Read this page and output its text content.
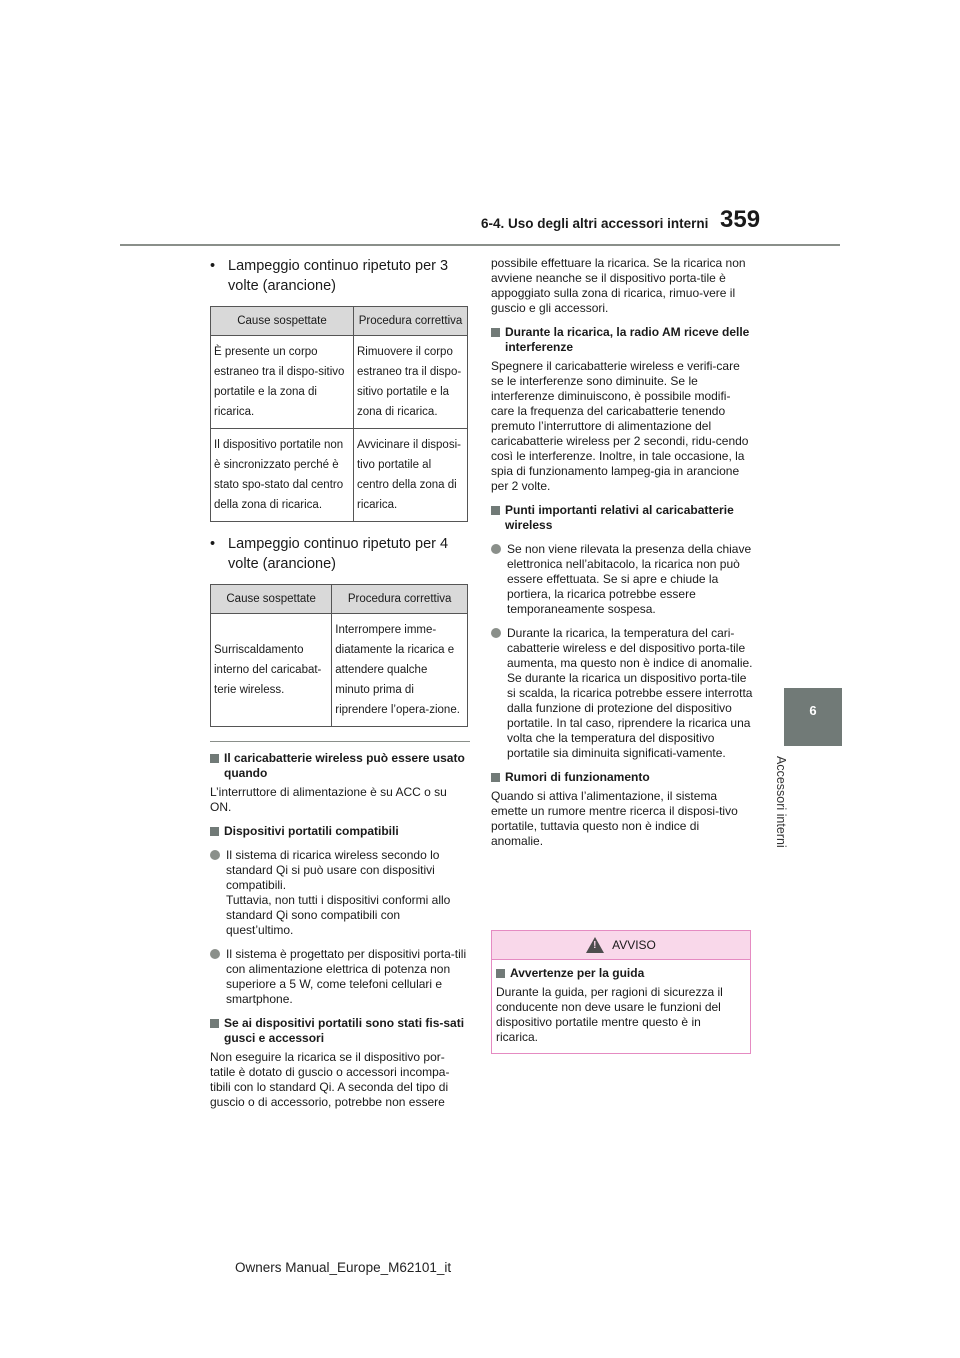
6-4. Uso degli altri accessori interni 359
6
Accessori interni
• Lampeggio continuo ripetuto per 3 volte (arancione)
Cause sospettate	Procedura correttiva
È presente un corpo estraneo tra il dispo-sitivo portatile e la zona di ricarica.	Rimuovere il corpo estraneo tra il dispo-sitivo portatile e la zona di ricarica.
Il dispositivo portatile non è sincronizzato perché è stato spo-stato dal centro della zona di ricarica.	Avvicinare il disposi-tivo portatile al centro della zona di ricarica.
• Lampeggio continuo ripetuto per 4 volte (arancione)
Cause sospettate	Procedura correttiva
Surriscaldamento interno del caricabat-terie wireless.	Interrompere imme-diatamente la ricarica e attendere qualche minuto prima di riprendere l’opera-zione.
Il caricabatterie wireless può essere usato quando
L’interruttore di alimentazione è su ACC o su ON.
Dispositivi portatili compatibili
Il sistema di ricarica wireless secondo lo standard Qi si può usare con dispositivi compatibili.
Tuttavia, non tutti i dispositivi conformi allo standard Qi sono compatibili con quest’ultimo.
Il sistema è progettato per dispositivi porta-tili con alimentazione elettrica di potenza non superiore a 5 W, come telefoni cellulari e smartphone.
Se ai dispositivi portatili sono stati fis-sati gusci e accessori
Non eseguire la ricarica se il dispositivo por-tatile è dotato di guscio o accessori incompa-tibili con lo standard Qi. A seconda del tipo di guscio o di accessorio, potrebbe non essere
possibile effettuare la ricarica. Se la ricarica non avviene neanche se il dispositivo porta-tile è appoggiato sulla zona di ricarica, rimuo-vere il guscio e gli accessori.
Durante la ricarica, la radio AM riceve delle interferenze
Spegnere il caricabatterie wireless e verifi-care se le interferenze sono diminuite. Se le interferenze diminuiscono, è possibile modifi-care la frequenza del caricabatterie tenendo premuto l’interruttore di alimentazione del caricabatterie wireless per 2 secondi, ridu-cendo così le interferenze. Inoltre, in tale occasione, la spia di funzionamento lampeg-gia in arancione per 2 volte.
Punti importanti relativi al caricabatterie wireless
Se non viene rilevata la presenza della chiave elettronica nell’abitacolo, la ricarica non può essere effettuata. Se si apre e chiude la portiera, la ricarica potrebbe essere temporaneamente sospesa.
Durante la ricarica, la temperatura del cari-cabatterie wireless e del dispositivo porta-tile aumenta, ma questo non è indice di anomalie.
Se durante la ricarica un dispositivo porta-tile si scalda, la ricarica potrebbe essere interrotta dalla funzione di protezione del dispositivo portatile. In tal caso, riprendere la ricarica una volta che la temperatura del dispositivo portatile sia diminuita significati-vamente.
Rumori di funzionamento
Quando si attiva l’alimentazione, il sistema emette un rumore mentre ricerca il disposi-tivo portatile, tuttavia questo non è indice di anomalie.
! AVVISO
Avvertenze per la guida
Durante la guida, per ragioni di sicurezza il conducente non deve usare le funzioni del dispositivo portatile mentre questo è in ricarica.
Owners Manual_Europe_M62101_it
